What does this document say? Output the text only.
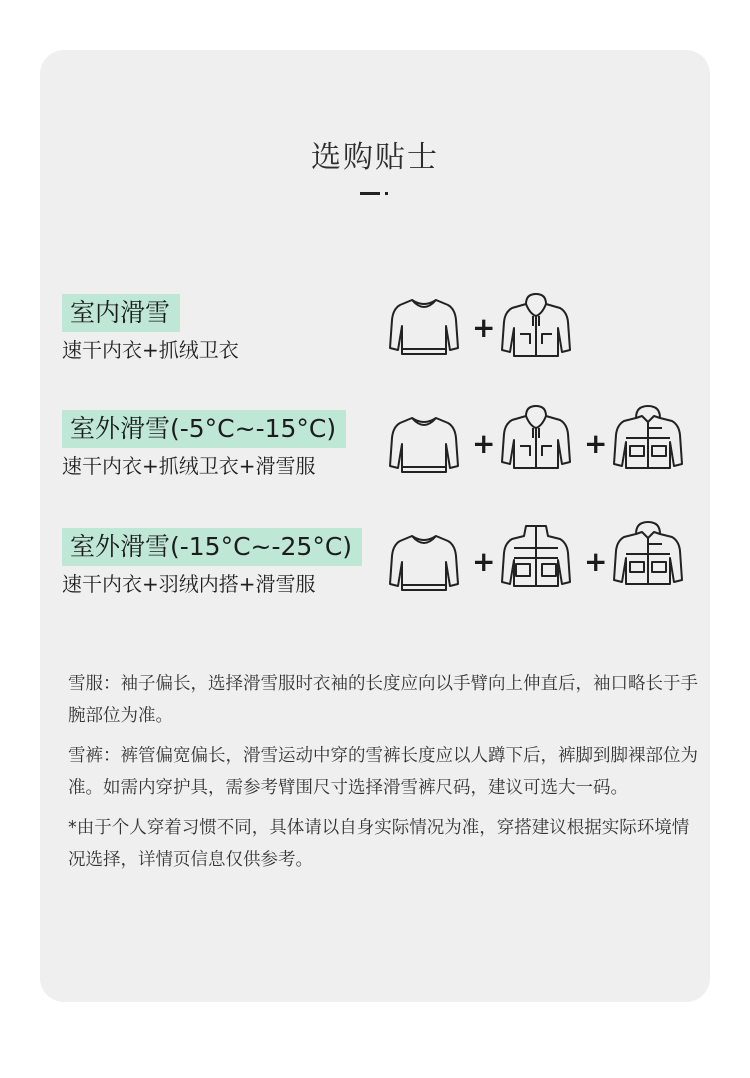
选购贴士
室内滑雪
速干内衣+抓绒卫衣
+
室外滑雪(-5°C~-15°C)
速干内衣+抓绒卫衣+滑雪服
+	+
室外滑雪(-15°C~-25°C)
速干内衣+羽绒内搭+滑雪服
+	+
雪服：袖子偏长，选择滑雪服时衣袖的长度应向以手臂向上伸直后，袖口略长于手腕部位为准。
雪裤：裤管偏宽偏长，滑雪运动中穿的雪裤长度应以人蹲下后，裤脚到脚裸部位为准。如需内穿护具，需参考臂围尺寸选择滑雪裤尺码，建议可选大一码。
*由于个人穿着习惯不同，具体请以自身实际情况为准，穿搭建议根据实际环境情况选择，详情页信息仅供参考。
